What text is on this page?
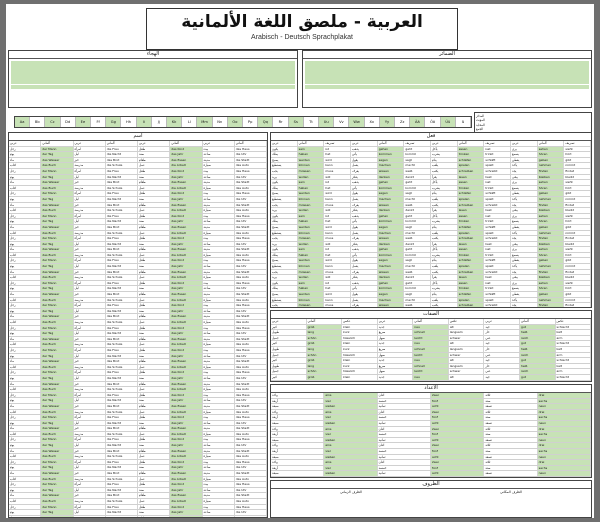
العربية - ملصق اللغة الألمانية
Arabisch - Deutsch Sprachplakat
الهجاء	الضمائر
Aa	Bb	Cc	Dd	Ee	Ff	Gg	Hh	Ii	Jj	Kk	Ll	Mm	Nn	Oo	Pp	Qq	Rr	Ss	Tt	Uu	Vv	Ww	Xx	Yy	Zz	Ää	Öö	Üü	ß
المذكر
المؤنث
المحايد
الجمع
اسم
عربي	ألماني	عربي	ألماني	عربي	ألماني	عربي	ألماني
رجل	der Mann	امرأة	die Frau	طفل	das Kind	بيت	das Haus
يوم	der Tag	ليل	die Nacht	سنة	das Jahr	ساعة	die Uhr
ماء	das Wasser	خبز	das Brot	طعام	das Essen	مدينة	die Stadt
كتاب	das Buch	مدرسة	die Schule	عمل	die Arbeit	سيارة	das Auto
رجل	der Mann	امرأة	die Frau	طفل	das Kind	بيت	das Haus
يوم	der Tag	ليل	die Nacht	سنة	das Jahr	ساعة	die Uhr
ماء	das Wasser	خبز	das Brot	طعام	das Essen	مدينة	die Stadt
كتاب	das Buch	مدرسة	die Schule	عمل	die Arbeit	سيارة	das Auto
رجل	der Mann	امرأة	die Frau	طفل	das Kind	بيت	das Haus
يوم	der Tag	ليل	die Nacht	سنة	das Jahr	ساعة	die Uhr
ماء	das Wasser	خبز	das Brot	طعام	das Essen	مدينة	die Stadt
كتاب	das Buch	مدرسة	die Schule	عمل	die Arbeit	سيارة	das Auto
رجل	der Mann	امرأة	die Frau	طفل	das Kind	بيت	das Haus
يوم	der Tag	ليل	die Nacht	سنة	das Jahr	ساعة	die Uhr
ماء	das Wasser	خبز	das Brot	طعام	das Essen	مدينة	die Stadt
كتاب	das Buch	مدرسة	die Schule	عمل	die Arbeit	سيارة	das Auto
رجل	der Mann	امرأة	die Frau	طفل	das Kind	بيت	das Haus
يوم	der Tag	ليل	die Nacht	سنة	das Jahr	ساعة	die Uhr
ماء	das Wasser	خبز	das Brot	طعام	das Essen	مدينة	die Stadt
كتاب	das Buch	مدرسة	die Schule	عمل	die Arbeit	سيارة	das Auto
رجل	der Mann	امرأة	die Frau	طفل	das Kind	بيت	das Haus
يوم	der Tag	ليل	die Nacht	سنة	das Jahr	ساعة	die Uhr
ماء	das Wasser	خبز	das Brot	طعام	das Essen	مدينة	die Stadt
كتاب	das Buch	مدرسة	die Schule	عمل	die Arbeit	سيارة	das Auto
رجل	der Mann	امرأة	die Frau	طفل	das Kind	بيت	das Haus
يوم	der Tag	ليل	die Nacht	سنة	das Jahr	ساعة	die Uhr
ماء	das Wasser	خبز	das Brot	طعام	das Essen	مدينة	die Stadt
كتاب	das Buch	مدرسة	die Schule	عمل	die Arbeit	سيارة	das Auto
رجل	der Mann	امرأة	die Frau	طفل	das Kind	بيت	das Haus
يوم	der Tag	ليل	die Nacht	سنة	das Jahr	ساعة	die Uhr
ماء	das Wasser	خبز	das Brot	طعام	das Essen	مدينة	die Stadt
كتاب	das Buch	مدرسة	die Schule	عمل	die Arbeit	سيارة	das Auto
رجل	der Mann	امرأة	die Frau	طفل	das Kind	بيت	das Haus
يوم	der Tag	ليل	die Nacht	سنة	das Jahr	ساعة	die Uhr
ماء	das Wasser	خبز	das Brot	طعام	das Essen	مدينة	die Stadt
كتاب	das Buch	مدرسة	die Schule	عمل	die Arbeit	سيارة	das Auto
رجل	der Mann	امرأة	die Frau	طفل	das Kind	بيت	das Haus
يوم	der Tag	ليل	die Nacht	سنة	das Jahr	ساعة	die Uhr
ماء	das Wasser	خبز	das Brot	طعام	das Essen	مدينة	die Stadt
كتاب	das Buch	مدرسة	die Schule	عمل	die Arbeit	سيارة	das Auto
رجل	der Mann	امرأة	die Frau	طفل	das Kind	بيت	das Haus
يوم	der Tag	ليل	die Nacht	سنة	das Jahr	ساعة	die Uhr
ماء	das Wasser	خبز	das Brot	طعام	das Essen	مدينة	die Stadt
كتاب	das Buch	مدرسة	die Schule	عمل	die Arbeit	سيارة	das Auto
رجل	der Mann	امرأة	die Frau	طفل	das Kind	بيت	das Haus
يوم	der Tag	ليل	die Nacht	سنة	das Jahr	ساعة	die Uhr
ماء	das Wasser	خبز	das Brot	طعام	das Essen	مدينة	die Stadt
كتاب	das Buch	مدرسة	die Schule	عمل	die Arbeit	سيارة	das Auto
رجل	der Mann	امرأة	die Frau	طفل	das Kind	بيت	das Haus
يوم	der Tag	ليل	die Nacht	سنة	das Jahr	ساعة	die Uhr
ماء	das Wasser	خبز	das Brot	طعام	das Essen	مدينة	die Stadt
كتاب	das Buch	مدرسة	die Schule	عمل	die Arbeit	سيارة	das Auto
رجل	der Mann	امرأة	die Frau	طفل	das Kind	بيت	das Haus
يوم	der Tag	ليل	die Nacht	سنة	das Jahr	ساعة	die Uhr
ماء	das Wasser	خبز	das Brot	طعام	das Essen	مدينة	die Stadt
كتاب	das Buch	مدرسة	die Schule	عمل	die Arbeit	سيارة	das Auto
رجل	der Mann	امرأة	die Frau	طفل	das Kind	بيت	das Haus
يوم	der Tag	ليل	die Nacht	سنة	das Jahr	ساعة	die Uhr
ماء	das Wasser	خبز	das Brot	طعام	das Essen	مدينة	die Stadt
كتاب	das Buch	مدرسة	die Schule	عمل	die Arbeit	سيارة	das Auto
رجل	der Mann	امرأة	die Frau	طفل	das Kind	بيت	das Haus
يوم	der Tag	ليل	die Nacht	سنة	das Jahr	ساعة	die Uhr
ماء	das Wasser	خبز	das Brot	طعام	das Essen	مدينة	die Stadt
كتاب	das Buch	مدرسة	die Schule	عمل	die Arbeit	سيارة	das Auto
رجل	der Mann	امرأة	die Frau	طفل	das Kind	بيت	das Haus
يوم	der Tag	ليل	die Nacht	سنة	das Jahr	ساعة	die Uhr
ماء	das Wasser	خبز	das Brot	طعام	das Essen	مدينة	die Stadt
فعل
عربي	ألماني	تصريف	عربي	ألماني	تصريف	عربي	ألماني	تصريف	عربي	ألماني	تصريف
يكون	sein	ist	يذهب	gehen	geht	يأكل	essen	isst	يرى	sehen	sieht
يملك	haben	hat	يأتي	kommen	kommt	يشرب	trinken	trinkt	يسمع	hören	hört
يصبح	werden	wird	يقول	sagen	sagt	ينام	schlafen	schläft	يعطي	geben	gibt
يستطيع	können	kann	يعمل	machen	macht	يلعب	spielen	spielt	يأخذ	nehmen	nimmt
يجب	müssen	muss	يعرف	wissen	weiß	يكتب	schreiben	schreibt	يجد	finden	findet
يريد	wollen	will	يفكر	denken	denkt	يقرأ	lesen	liest	يبقى	bleiben	bleibt
يكون	sein	ist	يذهب	gehen	geht	يأكل	essen	isst	يرى	sehen	sieht
يملك	haben	hat	يأتي	kommen	kommt	يشرب	trinken	trinkt	يسمع	hören	hört
يصبح	werden	wird	يقول	sagen	sagt	ينام	schlafen	schläft	يعطي	geben	gibt
يستطيع	können	kann	يعمل	machen	macht	يلعب	spielen	spielt	يأخذ	nehmen	nimmt
يجب	müssen	muss	يعرف	wissen	weiß	يكتب	schreiben	schreibt	يجد	finden	findet
يريد	wollen	will	يفكر	denken	denkt	يقرأ	lesen	liest	يبقى	bleiben	bleibt
يكون	sein	ist	يذهب	gehen	geht	يأكل	essen	isst	يرى	sehen	sieht
يملك	haben	hat	يأتي	kommen	kommt	يشرب	trinken	trinkt	يسمع	hören	hört
يصبح	werden	wird	يقول	sagen	sagt	ينام	schlafen	schläft	يعطي	geben	gibt
يستطيع	können	kann	يعمل	machen	macht	يلعب	spielen	spielt	يأخذ	nehmen	nimmt
يجب	müssen	muss	يعرف	wissen	weiß	يكتب	schreiben	schreibt	يجد	finden	findet
يريد	wollen	will	يفكر	denken	denkt	يقرأ	lesen	liest	يبقى	bleiben	bleibt
يكون	sein	ist	يذهب	gehen	geht	يأكل	essen	isst	يرى	sehen	sieht
يملك	haben	hat	يأتي	kommen	kommt	يشرب	trinken	trinkt	يسمع	hören	hört
يصبح	werden	wird	يقول	sagen	sagt	ينام	schlafen	schläft	يعطي	geben	gibt
يستطيع	können	kann	يعمل	machen	macht	يلعب	spielen	spielt	يأخذ	nehmen	nimmt
يجب	müssen	muss	يعرف	wissen	weiß	يكتب	schreiben	schreibt	يجد	finden	findet
يريد	wollen	will	يفكر	denken	denkt	يقرأ	lesen	liest	يبقى	bleiben	bleibt
يكون	sein	ist	يذهب	gehen	geht	يأكل	essen	isst	يرى	sehen	sieht
يملك	haben	hat	يأتي	kommen	kommt	يشرب	trinken	trinkt	يسمع	hören	hört
يصبح	werden	wird	يقول	sagen	sagt	ينام	schlafen	schläft	يعطي	geben	gibt
يستطيع	können	kann	يعمل	machen	macht	يلعب	spielen	spielt	يأخذ	nehmen	nimmt
يجب	müssen	muss	يعرف	wissen	weiß	يكتب	schreiben	schreibt	يجد	finden	findet
الصفات
عربي	ألماني	عكس	عربي	ألماني	عكس	عربي	ألماني	عكس
كبير	groß	klein	جديد	neu	alt	جيد	gut	schlecht
طويل	lang	kurz	سريع	schnell	langsam	حار	heiß	kalt
جميل	schön	hässlich	سهل	leicht	schwer	غني	reich	arm
كبير	groß	klein	جديد	neu	alt	جيد	gut	schlecht
طويل	lang	kurz	سريع	schnell	langsam	حار	heiß	kalt
جميل	schön	hässlich	سهل	leicht	schwer	غني	reich	arm
كبير	groß	klein	جديد	neu	alt	جيد	gut	schlecht
طويل	lang	kurz	سريع	schnell	langsam	حار	heiß	kalt
جميل	schön	hässlich	سهل	leicht	schwer	غني	reich	arm
كبير	groß	klein	جديد	neu	alt	جيد	gut	schlecht
الأعداد
واحد	eins	اثنان	zwei	ثلاثة	drei
أربعة	vier	خمسة	fünf	ستة	sechs
سبعة	sieben	ثمانية	acht	تسعة	neun
واحد	eins	اثنان	zwei	ثلاثة	drei
أربعة	vier	خمسة	fünf	ستة	sechs
سبعة	sieben	ثمانية	acht	تسعة	neun
واحد	eins	اثنان	zwei	ثلاثة	drei
أربعة	vier	خمسة	fünf	ستة	sechs
سبعة	sieben	ثمانية	acht	تسعة	neun
واحد	eins	اثنان	zwei	ثلاثة	drei
أربعة	vier	خمسة	fünf	ستة	sechs
سبعة	sieben	ثمانية	acht	تسعة	neun
واحد	eins	اثنان	zwei	ثلاثة	drei
أربعة	vier	خمسة	fünf	ستة	sechs
سبعة	sieben	ثمانية	acht	تسعة	neun
الظروف
الظرف الزماني	الظرف المكاني
